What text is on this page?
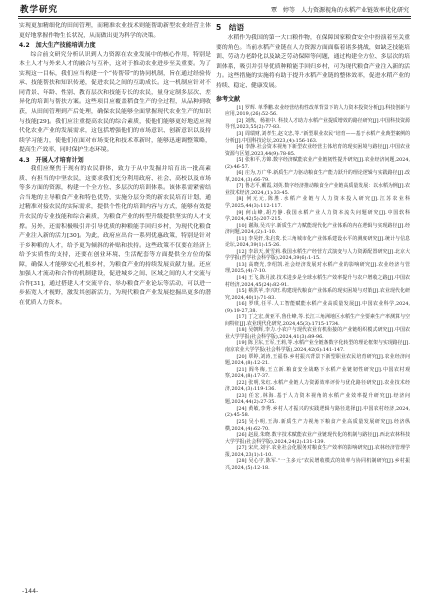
教学研究	覃　婷等　人力资源视角的水稻产业链效率优化研究

实现更加精细化的田间管理，而精准农业技术则能帮助新型农业经营主体更好地掌握作物生长状况，从而做出更为科学的决策。

4.2　加大生产技能培训力度

综合前文研究分析认识到人力资源在农业发展中的核心作用，特别是本土人才与外来人才的融合与互补，这对于推动农业进步至关重要。为了实现这一目标，我们应当构建一个“传帮带”的协同机制，旨在通过经验传承、技能帮扶和知识传递，促进农民之间的互助成长。这一机制应针对不同背景、年龄、性别、教育层次和技能专长的农民，量身定制多层次、差异化的培训与帮扶方案。这些项目应覆盖稻食生产的全过程，从品种到收获，从田间管理到产后处理，确保农民能够全面掌握现代农业生产的知识与技能[29]。我们应注重提高农民的综合素质，使他们能够更好地适应现代化农业产业的发展需求，这包括增强他们的市场意识、创新意识以及持续学习能力，使他们在面对市场变化和技术革新时，能够迅速调整策略，提高生产效率，同时保护生态环境。

4.3　开展人才培育计划

我们应聚焦于现有的农民群体，致力于从中发掘并培育出一批高素质、有担当的中坚农民，这要求我们充分利用政府、社会、高校以及市场等多方面的资源，构建一个全方位、多层次的培训体系。该体系需紧密结合当地的主导粮食产业和特色优势，实施分层分类的新农民培育计划，通过精准对接农民的实际需求，提供个性化的培训内容与方式，能够有效提升农民的专业技能和综合素质，为粮食产业的转型升级提供坚实的人才支撑。另外，还需积极吸引并引导优质的种粮能手回归乡村，为现代化粮食产业注入新的活力[30]。为此，政府应出台一系列优惠政策，特别是针对于乡种粮的人才，给予更为倾斜的补贴和扶持。这些政策不仅要在经济上给予实质性的支持，还要在创业环境、生活配套等方面提供全方位的保障，确保人才能够安心扎根乡村，为粮食产业的持续发展贡献力量。还应加强人才流动和合作的机制建设，促进城乡之间、区域之间的人才交流与合作[31]，通过搭建人才交流平台、举办粮食产业论坛等活动，可以进一步拓宽人才视野，激发其创新活力，为现代粮食产业发展挖掘出更多的潜在优质人力资本。

5　结语

水稻作为我国的第一大口粮作物，在保障国家粮食安全中扮演着至关重要的角色。当前水稻产业链在人力资源方面面临着诸多挑战，如缺乏技能培训、劳动力老龄化以及缺乏劳动保障等问题，通过构建全方位、多层次的培训体系，吸引并引导优质种粮能手回归乡村，可为现代粮食产业注入新的活力。这些措施的实施将有助于提升水稻产业链的整体效率，促进水稻产业的持续、稳定、健康发展。

参考文献

[1] 罗辉. 单季鹏.农业经营结构性改革背景下的人力资本投资分析[J].科技创新与应用,2019,(26):52-56.

[2] 刘炼，杨祖中. 科技人才助力水稻产业提质增效的路径研究[J].中国科技资源导刊,2023,55(2):77-83.

[3] 周瑞财,刘孝生,赵文忠,等.“新型职业农民”培育——基于水稻产业典型案例的分析[J].中国科技论坛,2023,(4):156-163.

[4] 李静.社会资本视角下新型农业经营主体培育的现实困境与路径[J].中国农业资源与区划,2023,44(9):78-85.

[5] 张和平,方锦.数字经济赋能农业产业链韧性提升研究[J].农业经济问题,2024,(2):46-57.

[6] 庄为,万广华.新质生产力驱动粮食生产能力跃升的理论逻辑与实践路径[J].改革,2024,(3):66-79.

[7] 鲁志平,戴霞,刘英.数字经济推动粮食全产业链高质量发展：以水稻为例[J].农业技术经济,2024,(1):33-45.

[8] 何元元,陈胜.水稻产业链与人力资本投入研究[J].江苏农业科学,2025,44(3):112-117.

[9] 何山峰,胡乃静.我国水稻产业人力资本流失问题研究[J].中国软科学,2024,42(5):207-215.

[10] 谢海,吴兴宇.新质生产力赋能现代化产业体系的内在逻辑与实现路径[J].经济问题,2024,(2):1-10.

[11] 李昊轩,朱启贵.长三角城市化产业体系建设水平的测度研究[J].统计与信息论坛,2024,39(1):15-26.

[12] 李昂天,黄雪莉.我国水稻生产经营方式演变与人力资源配置研究[J].北京大学学报(哲学社会科学版),2024,39(6):1-15.

[13] 高晓光,李绍凯.社会经济发展对水稻产业的影响研究[J].农业经济与管理,2025,(4):7-10.

[14] 王飞,陈月波.技术进步是全球水稻生产效率提升与农户增收之路[J].中国农村经济,2024,45(24):82-91.

[15] 蔡洪苹,李兴旺.构建现代粮食产业体系的现实困境与对策[J].农业现代化研究,2024,40(1):71-83.

[16] 罗琪,任平.人工智能赋能水稻产业高质量发展[J].中国农业科学,2024,(9):19-27,38.

[17] 丁之宏,黄亚平,鲁仕峰,等.长江三角洲地区水稻生产全要素生产率测算与空间特征[J].农业现代化研究,2024,45(3):1715-1734.

[18] 吴朝辉,李力.小农户与现代农业有机衔接的产业链组织模式研究[J].中国农业大学学报(社会科学版),2024,41(3):89-96.

[19] 陈卫东,王军,王莉,等.水稻产业全链条数字化转型的理论框架与实现路径[J].南京农业大学学报(社会科学版),2024,42(6):141-147.

[20] 覃婷,刘涛,王福春.乡村振兴背景下新型职业农民培育研究[J].农业经济问题,2024,(8):12-21.

[21] 阎冬梅,王立新.粮食安全战略下水稻产业链韧性研究[J].中国农村观察,2024,(8):17-37.

[22] 张明,朱红.水稻产业链人力资源效率评价与优化路径研究[J].农业技术经济,2024,(3):119-136.

[23] 任宏,林海.基于人力资本视角的水稻产业效率提升研究[J].经济问题,2024,44(2):27-35.

[24] 黄敏,李秀.乡村人才振兴的实践逻辑与路径选择[J].中国农村经济,2024,(2):45-58.

[25] 吴小明,王海.新质生产力视角下粮食产业高质量发展研究[J].经济纵横,2024,(4):62-70.

[26] 赵晨,朱晓.数字技术赋能农业产业链现代化的机制与路径[J].西北农林科技大学学报(社会科学版),2024,24(2):131-139.

[27] 宋庆,刘宇.农业社会化服务对粮食生产效率的影响研究[J].农林经济管理学报,2024,23(1):1-10.

[28] 吴心宇,陈军.“一主多元”农民增收模式的效率与协同机制研究[J].乡村振兴,2024,(5):12-18.

-144-
